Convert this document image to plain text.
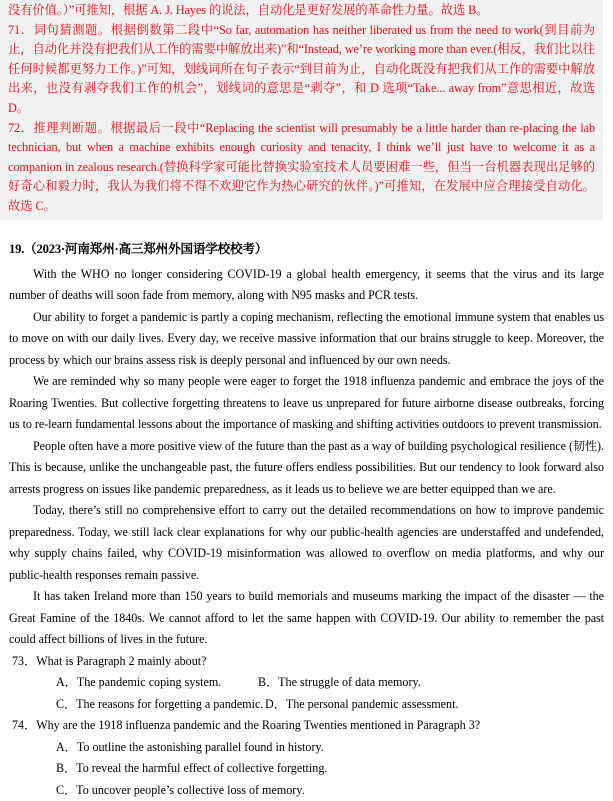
没有价值。）”可推知，根据 A. J. Hayes 的说法，自动化是更好发展的革命性力量。故选 B。

71．词句猜测题。根据倒数第二段中“So far, automation has neither liberated us from the need to work(到目前为止，自动化并没有把我们从工作的需要中解放出来)”和“Instead, we’re working more than ever.(相反，我们比以往任何时候都更努力工作。)”可知，划线词所在句子表示“到目前为止，自动化既没有把我们从工作的需要中解放出来，也没有剥夺我们工作的机会”，划线词的意思是“剥夺”，和 D 选项“Take... away from”意思相近，故选 D。

72．推理判断题。根据最后一段中“Replacing the scientist will presumably be a little harder than re-placing the lab technician, but when a machine exhibits enough curiosity and tenacity, I think we’ll just have to welcome it as a companion in zealous research.(替换科学家可能比替换实验室技术人员要困难一些，但当一台机器表现出足够的好奇心和毅力时，我认为我们将不得不欢迎它作为热心研究的伙伴。)”可推知，在发展中应合理接受自动化。故选 C。

19.（2023·河南郑州·高三郑州外国语学校校考）

With the WHO no longer considering COVID-19 a global health emergency, it seems that the virus and its large number of deaths will soon fade from memory, along with N95 masks and PCR tests.

Our ability to forget a pandemic is partly a coping mechanism, reflecting the emotional immune system that enables us to move on with our daily lives. Every day, we receive massive information that our brains struggle to keep. Moreover, the process by which our brains assess risk is deeply personal and influenced by our own needs.

We are reminded why so many people were eager to forget the 1918 influenza pandemic and embrace the joys of the Roaring Twenties. But collective forgetting threatens to leave us unprepared for future airborne disease outbreaks, forcing us to re-learn fundamental lessons about the importance of masking and shifting activities outdoors to prevent transmission.

People often have a more positive view of the future than the past as a way of building psychological resilience (韧性). This is because, unlike the unchangeable past, the future offers endless possibilities. But our tendency to look forward also arrests progress on issues like pandemic preparedness, as it leads us to believe we are better equipped than we are.

Today, there’s still no comprehensive effort to carry out the detailed recommendations on how to improve pandemic preparedness. Today, we still lack clear explanations for why our public-health agencies are understaffed and undefended, why supply chains failed, why COVID-19 misinformation was allowed to overflow on media platforms, and why our public-health responses remain passive.

It has taken Ireland more than 150 years to build memorials and museums marking the impact of the disaster — the Great Famine of the 1840s. We cannot afford to let the same happen with COVID-19. Our ability to remember the past could affect billions of lives in the future.

73．What is Paragraph 2 mainly about?

A．The pandemic coping system.	B．The struggle of data memory.
C．The reasons for forgetting a pandemic. D．The personal pandemic assessment.

74．Why are the 1918 influenza pandemic and the Roaring Twenties mentioned in Paragraph 3?

A．To outline the astonishing parallel found in history.

B．To reveal the harmful effect of collective forgetting.

C．To uncover people’s collective loss of memory.
